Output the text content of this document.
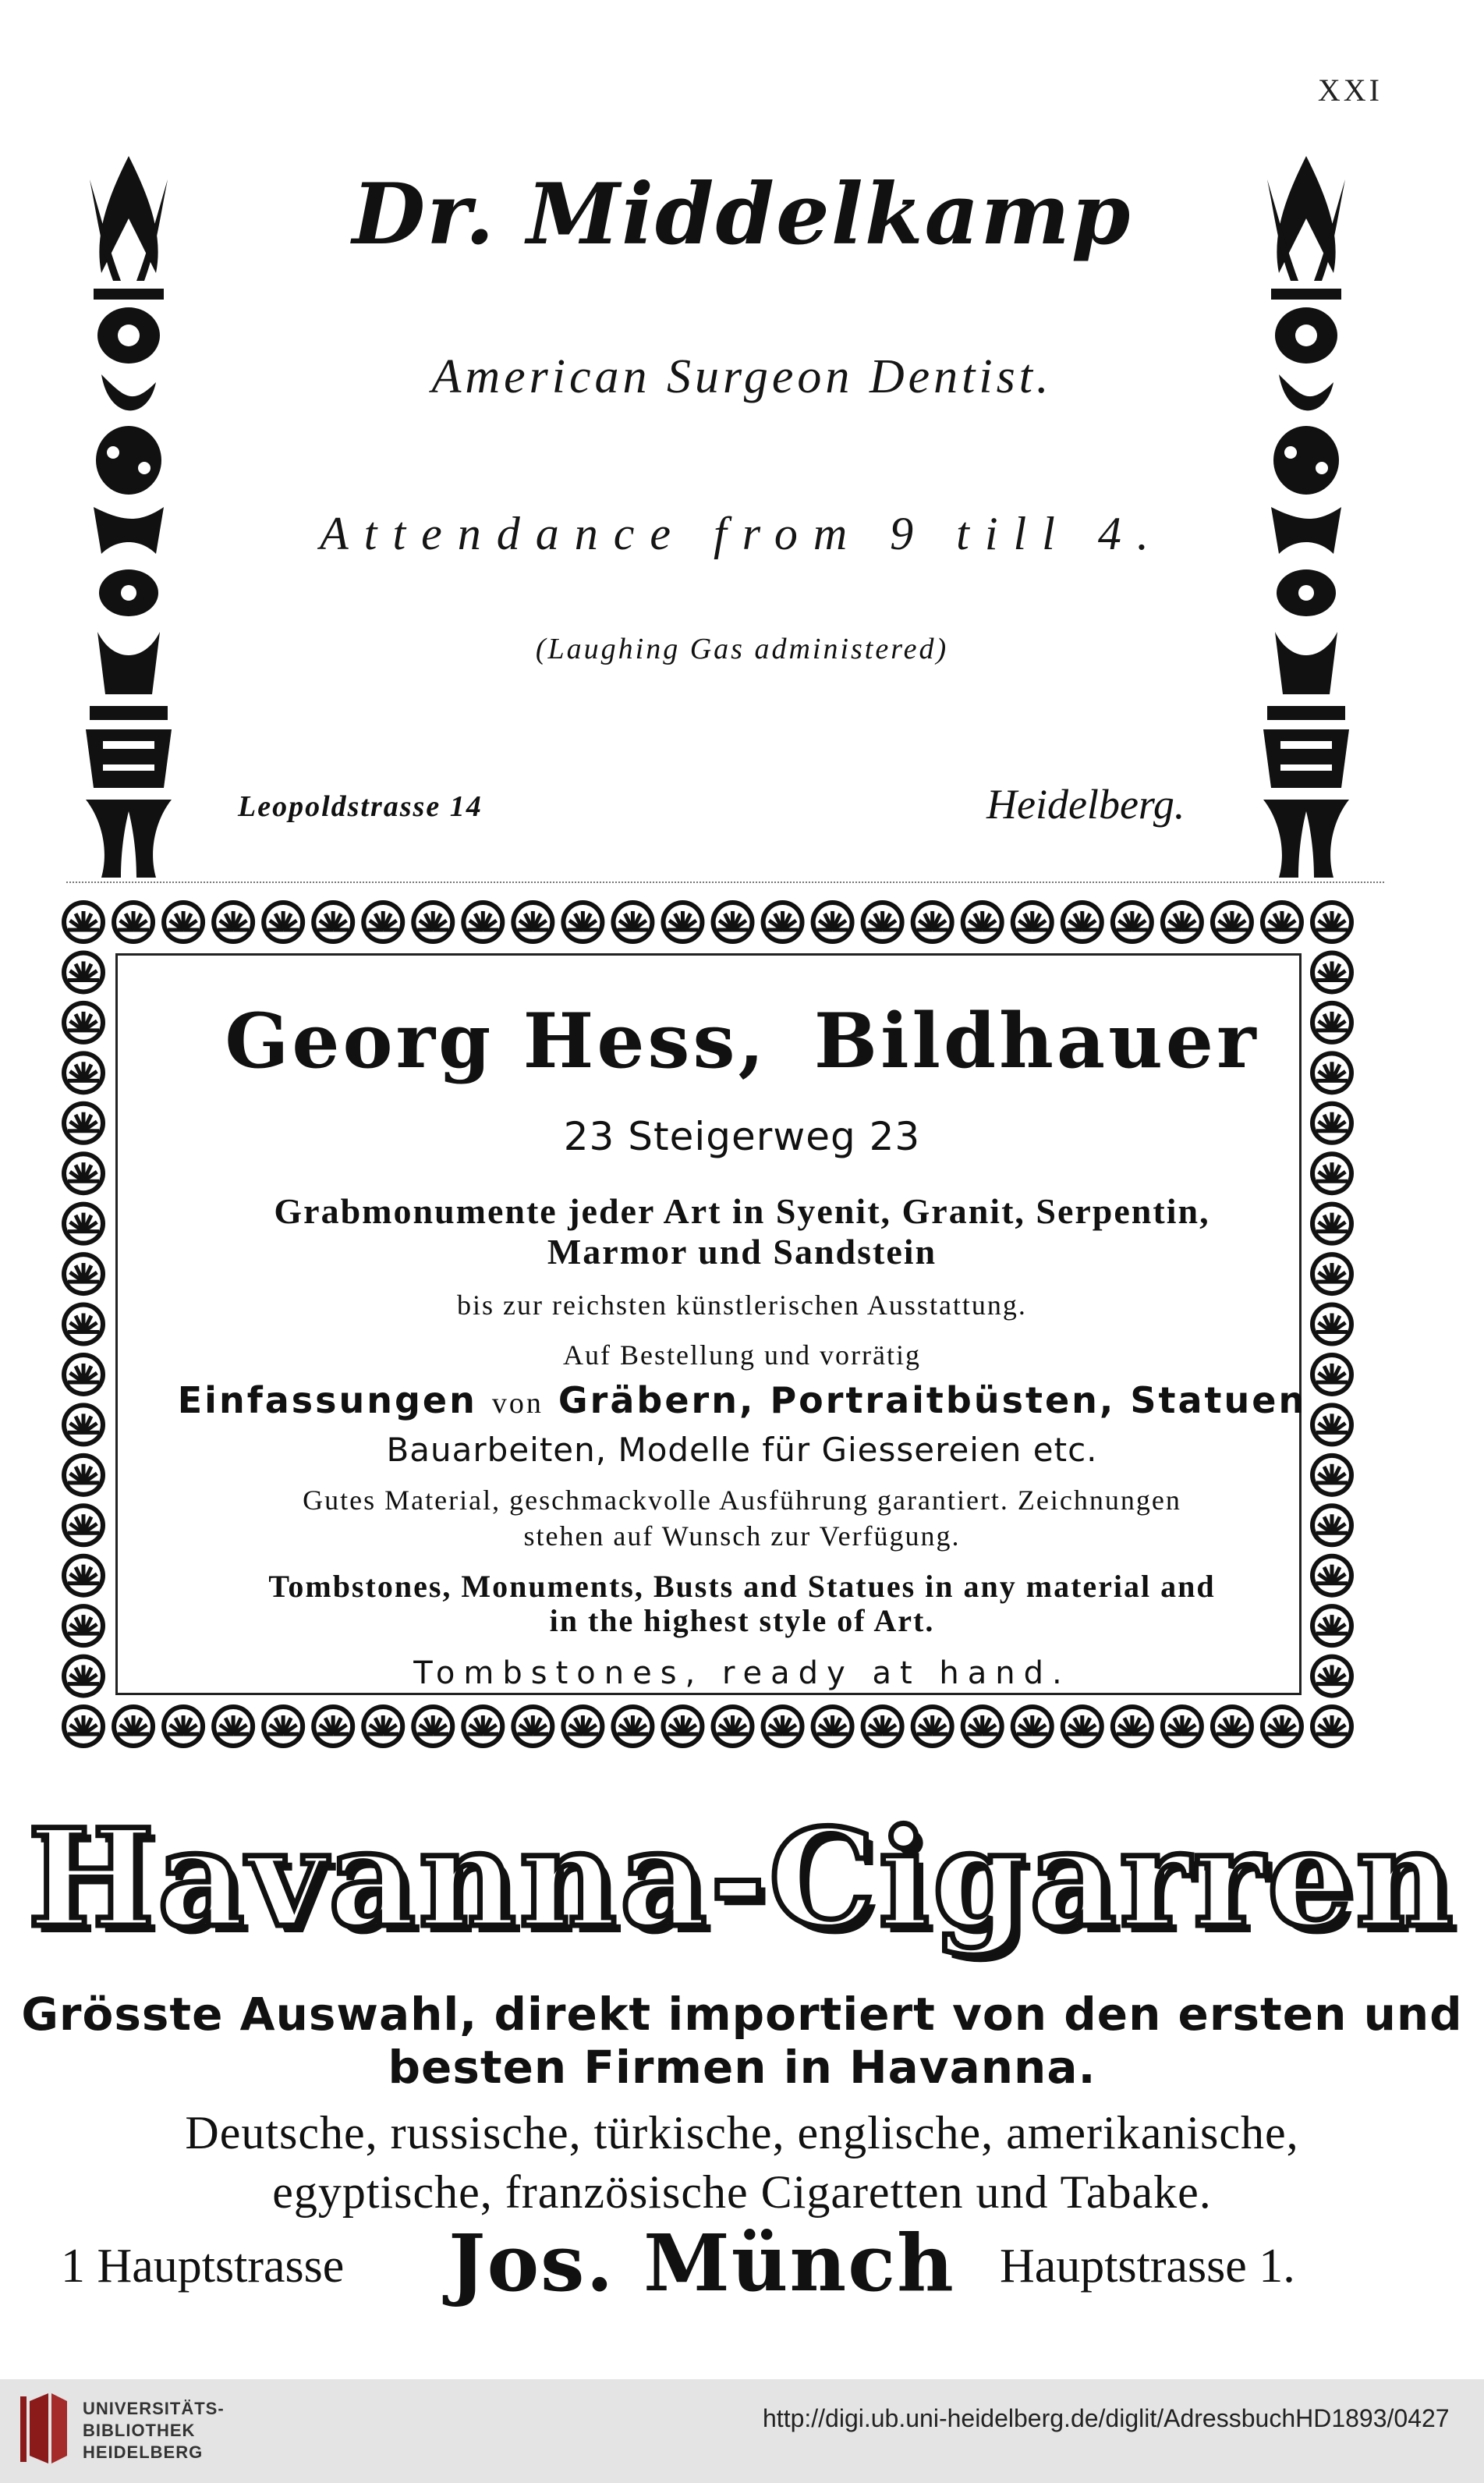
XXI
Dr. Middelkamp
American Surgeon Dentist.
Attendance from 9 till 4.
(Laughing Gas administered)
Leopoldstrasse 14	Heidelberg.
Georg Hess, Bildhauer
23 Steigerweg 23
Grabmonumente jeder Art in Syenit, Granit, Serpentin,
Marmor und Sandstein
bis zur reichsten künstlerischen Ausstattung.
Auf Bestellung und vorrätig
Einfassungen von Gräbern, Portraitbüsten, Statuen
Bauarbeiten, Modelle für Giessereien etc.
Gutes Material, geschmackvolle Ausführung garantiert. Zeichnungen
stehen auf Wunsch zur Verfügung.
Tombstones, Monuments, Busts and Statues in any material and
in the highest style of Art.
Tombstones, ready at hand.
Havanna-Cigarren
Grösste Auswahl, direkt importiert von den ersten und
besten Firmen in Havanna.
Deutsche, russische, türkische, englische, amerikanische,
egyptische, französische Cigaretten und Tabake.
1 Hauptstrasse	Jos. Münch Hauptstrasse 1.
UNIVERSITÄTS-
BIBLIOTHEK
HEIDELBERG
http://digi.ub.uni-heidelberg.de/diglit/AdressbuchHD1893/0427
